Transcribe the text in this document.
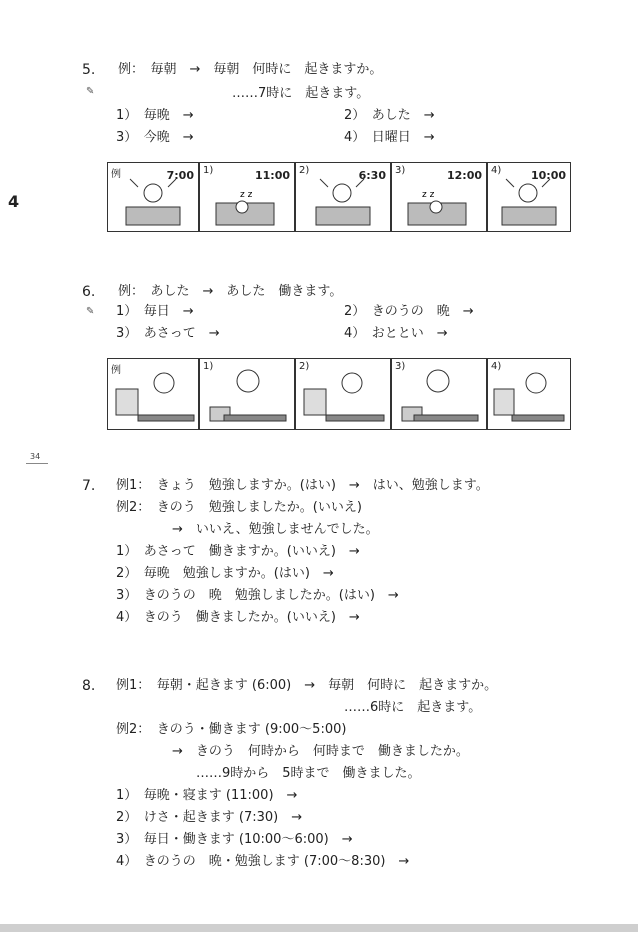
4
34
5.
✎
例：　毎朝　→　毎朝　何時に　起きますか。
……7時に　起きます。
1）　毎晩　→	2）　あした　→
3）　今晩　→	4）　日曜日　→
例	7:00 1)	11:00
z z
2)	6:30 3)	12:00
z z
4)	10:00
6.
✎
例：　あした　→　あした　働きます。
1）　毎日　→	2）　きのうの　晩　→
3）　あさって　→	4）　おととい　→
例	1)	2)	3)	4)
7. 例1：　きょう　勉強しますか。(はい)　→　はい、勉強します。
例2：　きのう　勉強しましたか。(いいえ)
→　いいえ、勉強しませんでした。
1）　あさって　働きますか。(いいえ)　→
2）　毎晩　勉強しますか。(はい)　→
3）　きのうの　晩　勉強しましたか。(はい)　→
4）　きのう　働きましたか。(いいえ)　→
8. 例1：　毎朝・起きます (6:00)　→　毎朝　何時に　起きますか。
……6時に　起きます。
例2：　きのう・働きます (9:00〜5:00)
→　きのう　何時から　何時まで　働きましたか。
……9時から　5時まで　働きました。
1）　毎晩・寝ます (11:00)　→
2）　けさ・起きます (7:30)　→
3）　毎日・働きます (10:00〜6:00)　→
4）　きのうの　晩・勉強します (7:00〜8:30)　→
